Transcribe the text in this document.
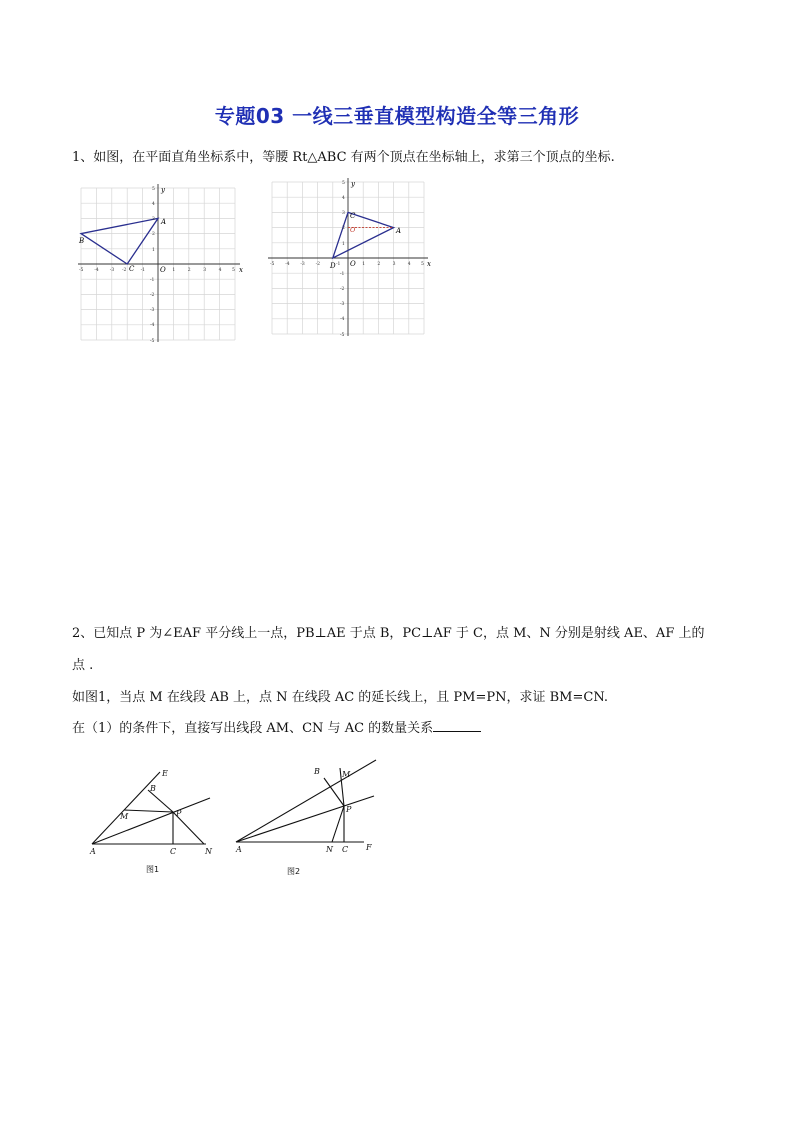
专题03 一线三垂直模型构造全等三角形
1、如图，在平面直角坐标系中，等腰 Rt△ABC 有两个顶点在坐标轴上，求第三个顶点的坐标.
x
y
O
A
B
C
-5 -4 -3 -2	-1	1	2	3	4 5
5
4
3
2
1
-1
-2
-3
-4
-5
x
y
O
C
O	A
D
-5 -4 -3 -2	-1	1	2	3	4 5
5
4
3
2
1
-1
-2
-3
-4
-5
2、已知点 P 为∠EAF 平分线上一点，PB⊥AE 于点 B，PC⊥AF 于 C，点 M、N 分别是射线 AE、AF 上的
点 .
如图1，当点 M 在线段 AB 上，点 N 在线段 AC 的延长线上，且 PM=PN，求证 BM=CN.
在（1）的条件下，直接写出线段 AM、CN 与 AC 的数量关系
E
B
M	P
A	C	N
图1
B	M
P
A	N C F
图2
